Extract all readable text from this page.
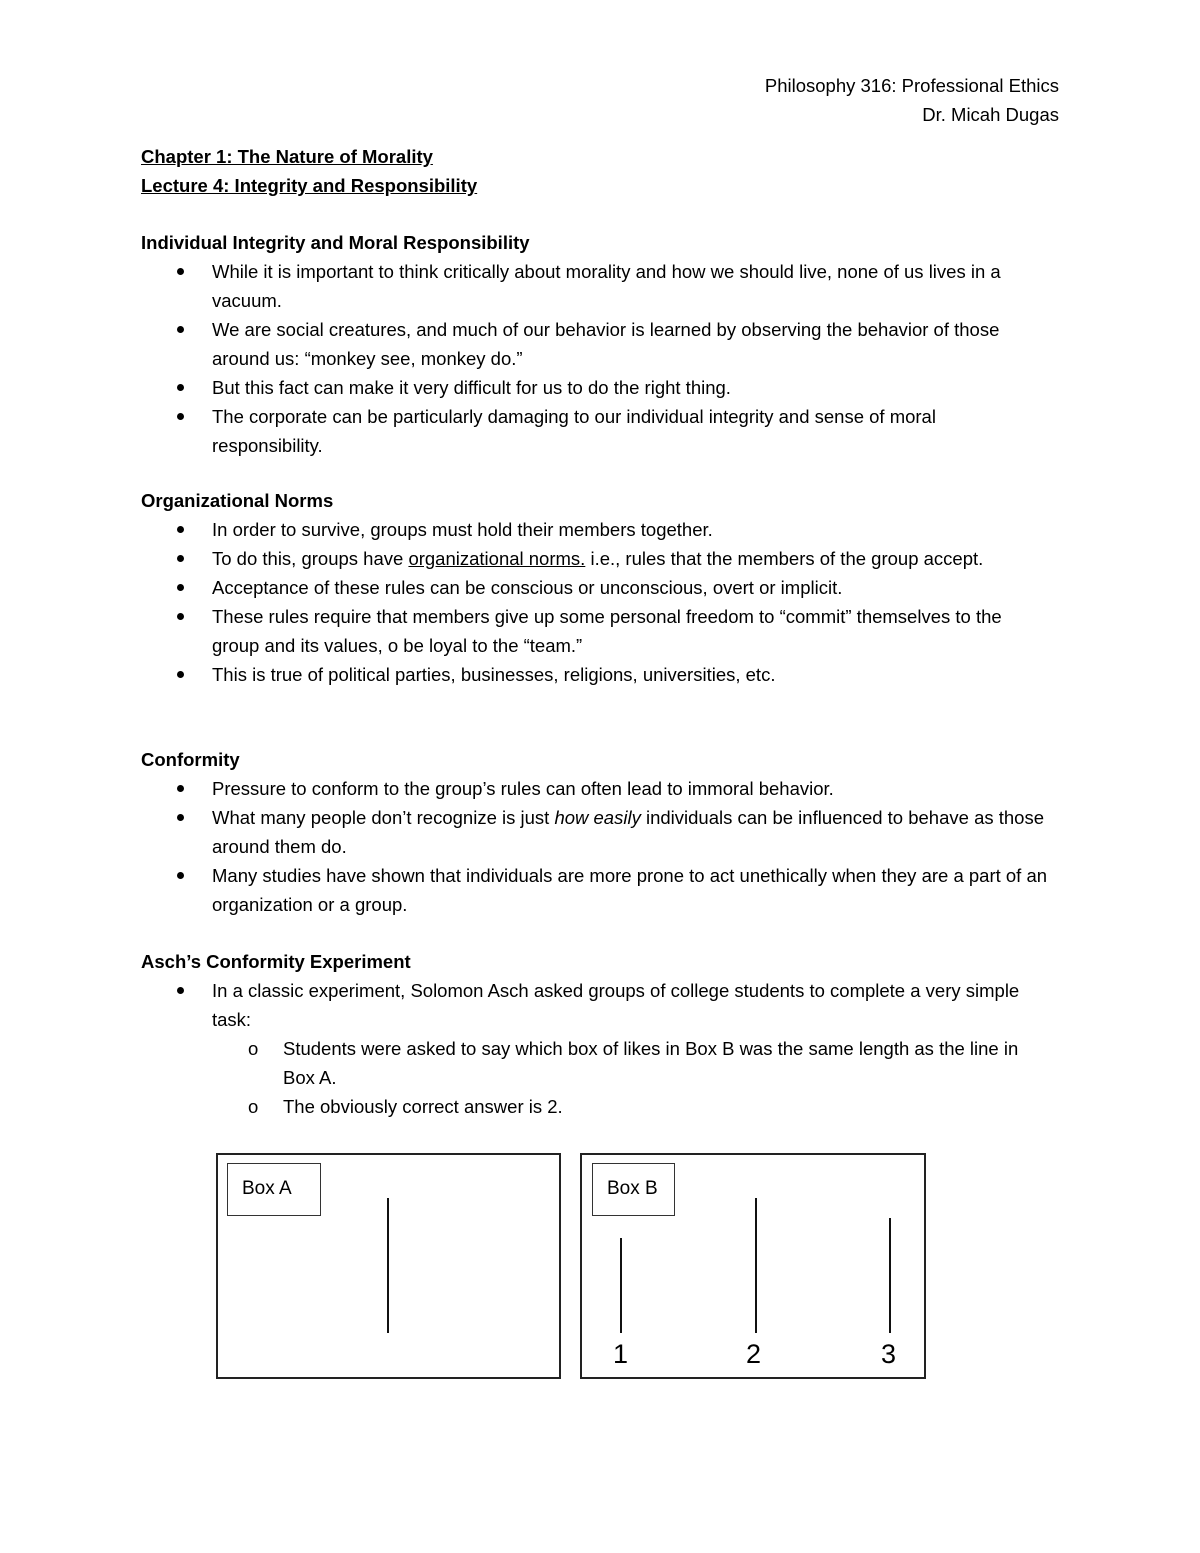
Philosophy 316: Professional Ethics
Dr. Micah Dugas
Chapter 1: The Nature of Morality
Lecture 4: Integrity and Responsibility
Individual Integrity and Moral Responsibility
While it is important to think critically about morality and how we should live, none of us lives in a vacuum.
We are social creatures, and much of our behavior is learned by observing the behavior of those around us: “monkey see, monkey do.”
But this fact can make it very difficult for us to do the right thing.
The corporate can be particularly damaging to our individual integrity and sense of moral responsibility.
Organizational Norms
In order to survive, groups must hold their members together.
To do this, groups have organizational norms. i.e., rules that the members of the group accept.
Acceptance of these rules can be conscious or unconscious, overt or implicit.
These rules require that members give up some personal freedom to “commit” themselves to the group and its values, o be loyal to the “team.”
This is true of political parties, businesses, religions, universities, etc.
Conformity
Pressure to conform to the group’s rules can often lead to immoral behavior.
What many people don’t recognize is just how easily individuals can be influenced to behave as those around them do.
Many studies have shown that individuals are more prone to act unethically when they are a part of an organization or a group.
Asch’s Conformity Experiment
In a classic experiment, Solomon Asch asked groups of college students to complete a very simple task:
o Students were asked to say which box of likes in Box B was the same length as the line in Box A.
o The obviously correct answer is 2.
Box A	Box B
1	2	3
